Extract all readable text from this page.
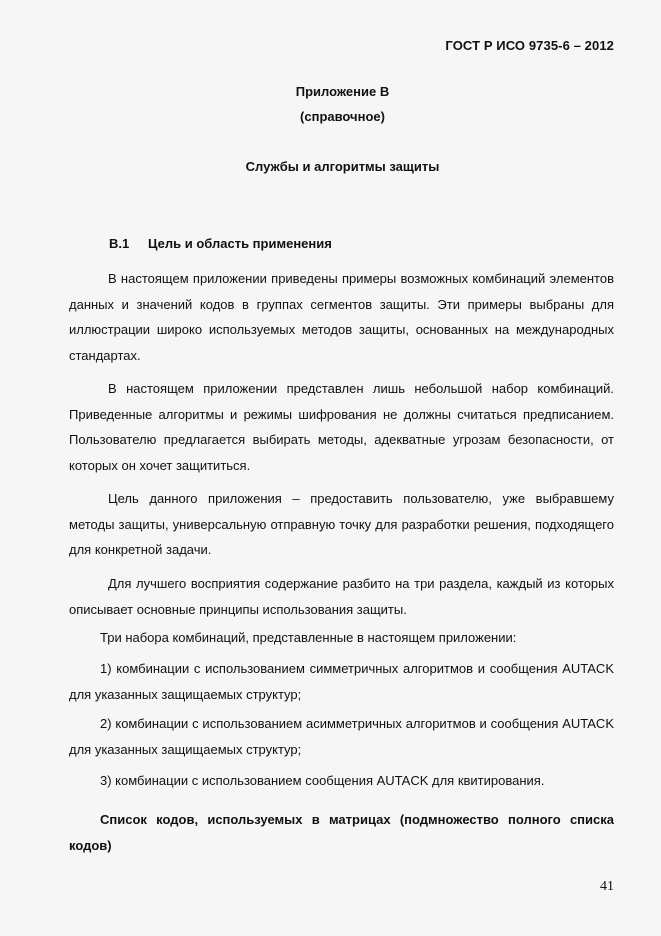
ГОСТ Р ИСО 9735-6 – 2012
Приложение В
(справочное)
Службы и алгоритмы защиты
В.1 Цель и область применения

В настоящем приложении приведены примеры возможных комбинаций элементов данных и значений кодов в группах сегментов защиты. Эти примеры выбраны для иллюстрации широко используемых методов защиты, основанных на международных стандартах.

В настоящем приложении представлен лишь небольшой набор комбинаций. Приведенные алгоритмы и режимы шифрования не должны считаться предписанием. Пользователю предлагается выбирать методы, адекватные угрозам безопасности, от которых он хочет защититься.

Цель данного приложения – предоставить пользователю, уже выбравшему методы защиты, универсальную отправную точку для разработки решения, подходящего для конкретной задачи.

Для лучшего восприятия содержание разбито на три раздела, каждый из которых описывает основные принципы использования защиты.

Три набора комбинаций, представленные в настоящем приложении:

1) комбинации с использованием симметричных алгоритмов и сообщения AUTACK для указанных защищаемых структур;

2) комбинации с использованием асимметричных алгоритмов и сообщения AUTACK для указанных защищаемых структур;

3) комбинации с использованием сообщения AUTACK для квитирования.

Список кодов, используемых в матрицах (подмножество полного списка кодов)

41
